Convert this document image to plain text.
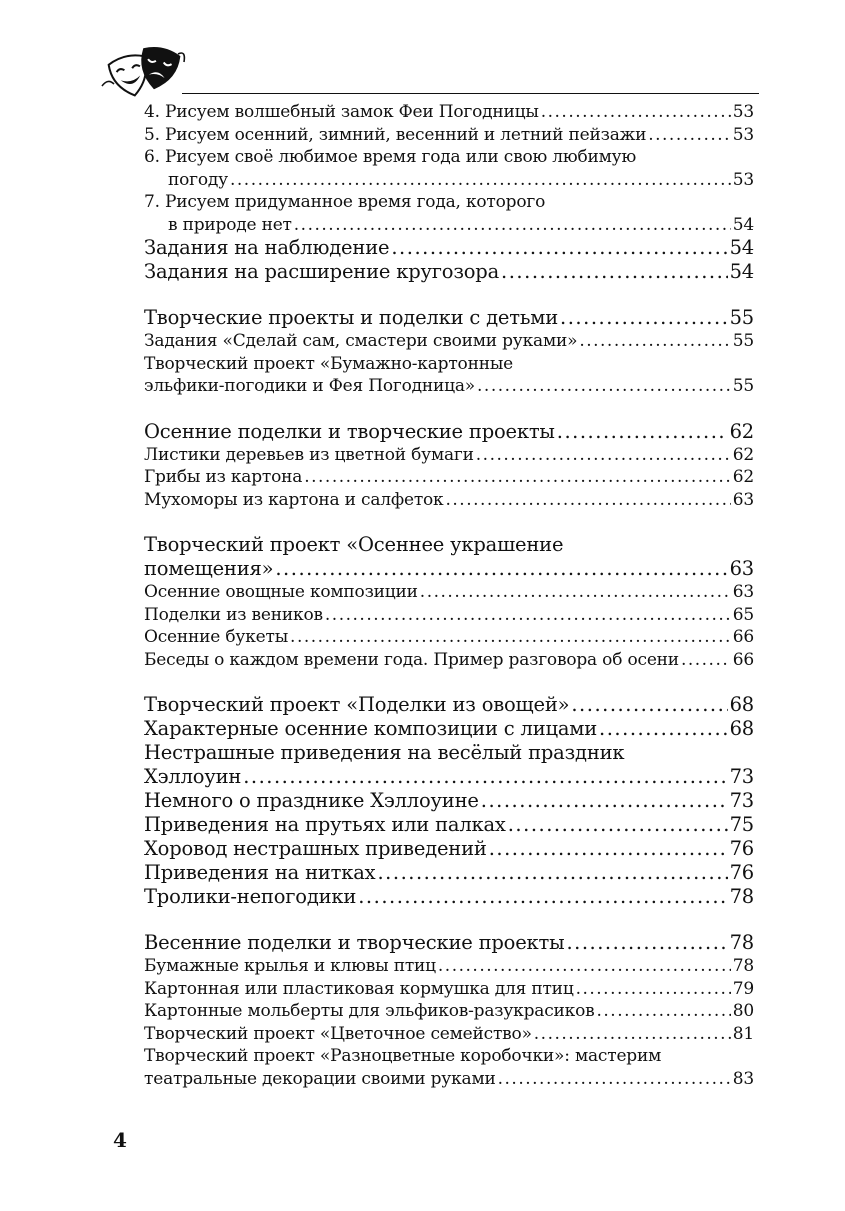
4. Рисуем волшебный замок Феи Погодницы .....	53
5. Рисуем осенний, зимний, весенний и летний пейзажи .....	53
6. Рисуем своё любимое время года или свою любимую
погоду .....	53
7. Рисуем придуманное время года, которого
в природе нет .....	54
Задания на наблюдение .....	54
Задания на расширение кругозора .....	54
Творческие проекты и поделки с детьми .....	55
Задания «Сделай сам, смастери своими руками» .....	55
Творческий проект «Бумажно-картонные
эльфики-погодики и Фея Погодница» .....	55
Осенние поделки и творческие проекты .....	62
Листики деревьев из цветной бумаги .....	62
Грибы из картона .....	62
Мухоморы из картона и салфеток .....	63
Творческий проект «Осеннее украшение
помещения» .....	63
Осенние овощные композиции .....	63
Поделки из веников .....	65
Осенние букеты .....	66
Беседы о каждом времени года. Пример разговора об осени .....	66
Творческий проект «Поделки из овощей» .....	68
Характерные осенние композиции с лицами .....	68
Нестрашные приведения на весёлый праздник
Хэллоуин .....	73
Немного о празднике Хэллоуине .....	73
Приведения на прутьях или палках .....	75
Хоровод нестрашных приведений .....	76
Приведения на нитках .....	76
Тролики-непогодики .....	78
Весенние поделки и творческие проекты .....	78
Бумажные крылья и клювы птиц .....	78
Картонная или пластиковая кормушка для птиц .....	79
Картонные мольберты для эльфиков-разукрасиков .....	80
Творческий проект «Цветочное семейство» .....	81
Творческий проект «Разноцветные коробочки»: мастерим
театральные декорации своими руками .....	83
4
